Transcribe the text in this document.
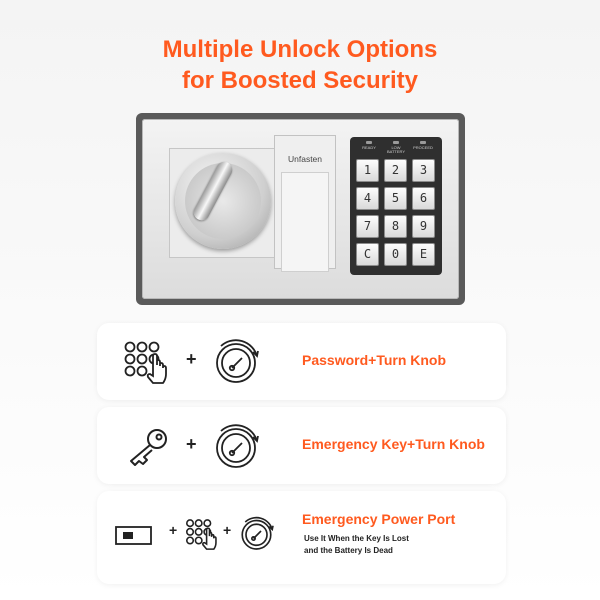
Multiple Unlock Options
for Boosted Security
Unfasten
READY	LOW BATTERY
PROCEED
1	2	3
4	5	6
7	8	9
C	0	E
+	Password+Turn Knob
+	Emergency Key+Turn Knob
+	+
Emergency Power Port
Use It When the Key Is Lost
and the Battery Is Dead
